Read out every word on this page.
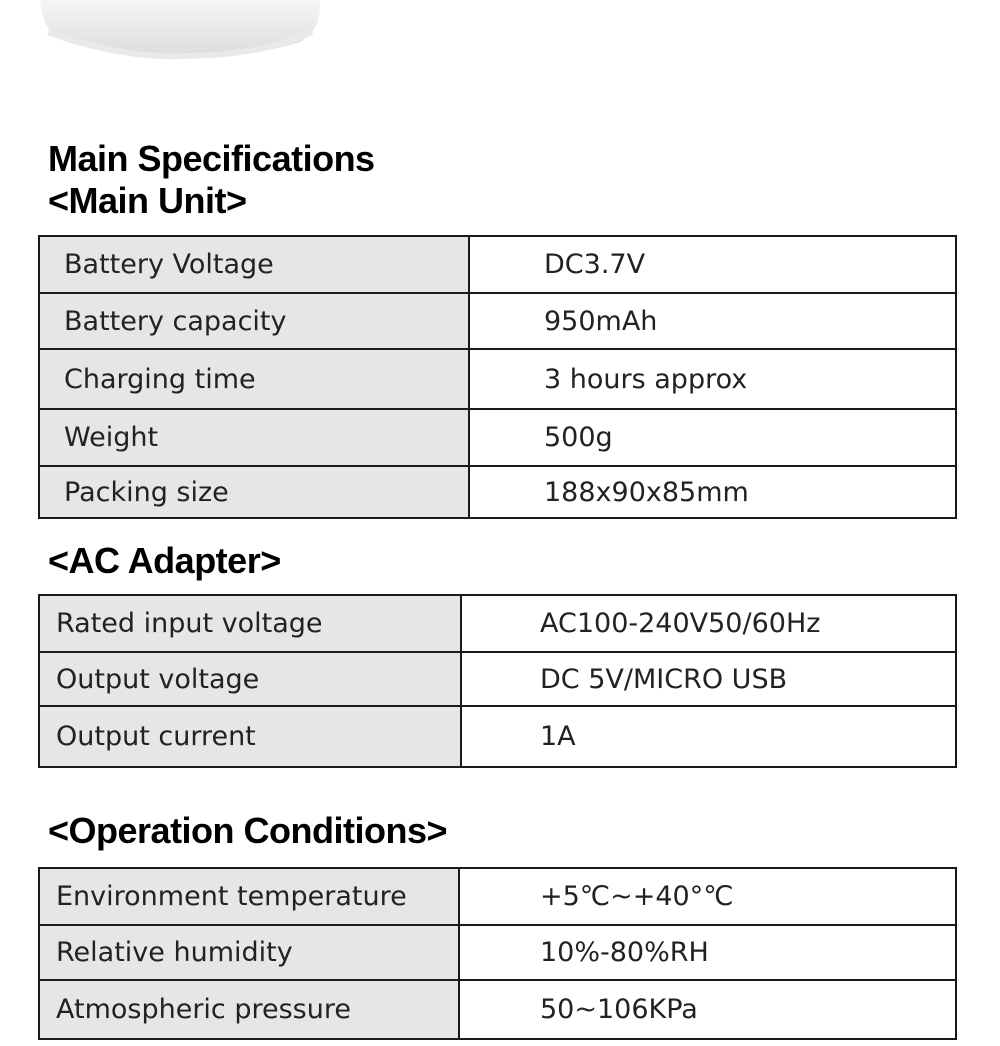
Main Specifications
<Main Unit>
Battery Voltage	DC3.7V
Battery capacity	950mAh
Charging time	3 hours approx
Weight	500g
Packing size	188x90x85mm
<AC Adapter>
Rated input voltage	AC100-240V50/60Hz
Output voltage	DC 5V/MICRO USB
Output current	1A
<Operation Conditions>
Environment temperature	+5℃~+40°℃
Relative humidity	10%-80%RH
Atmospheric pressure	50~106KPa
